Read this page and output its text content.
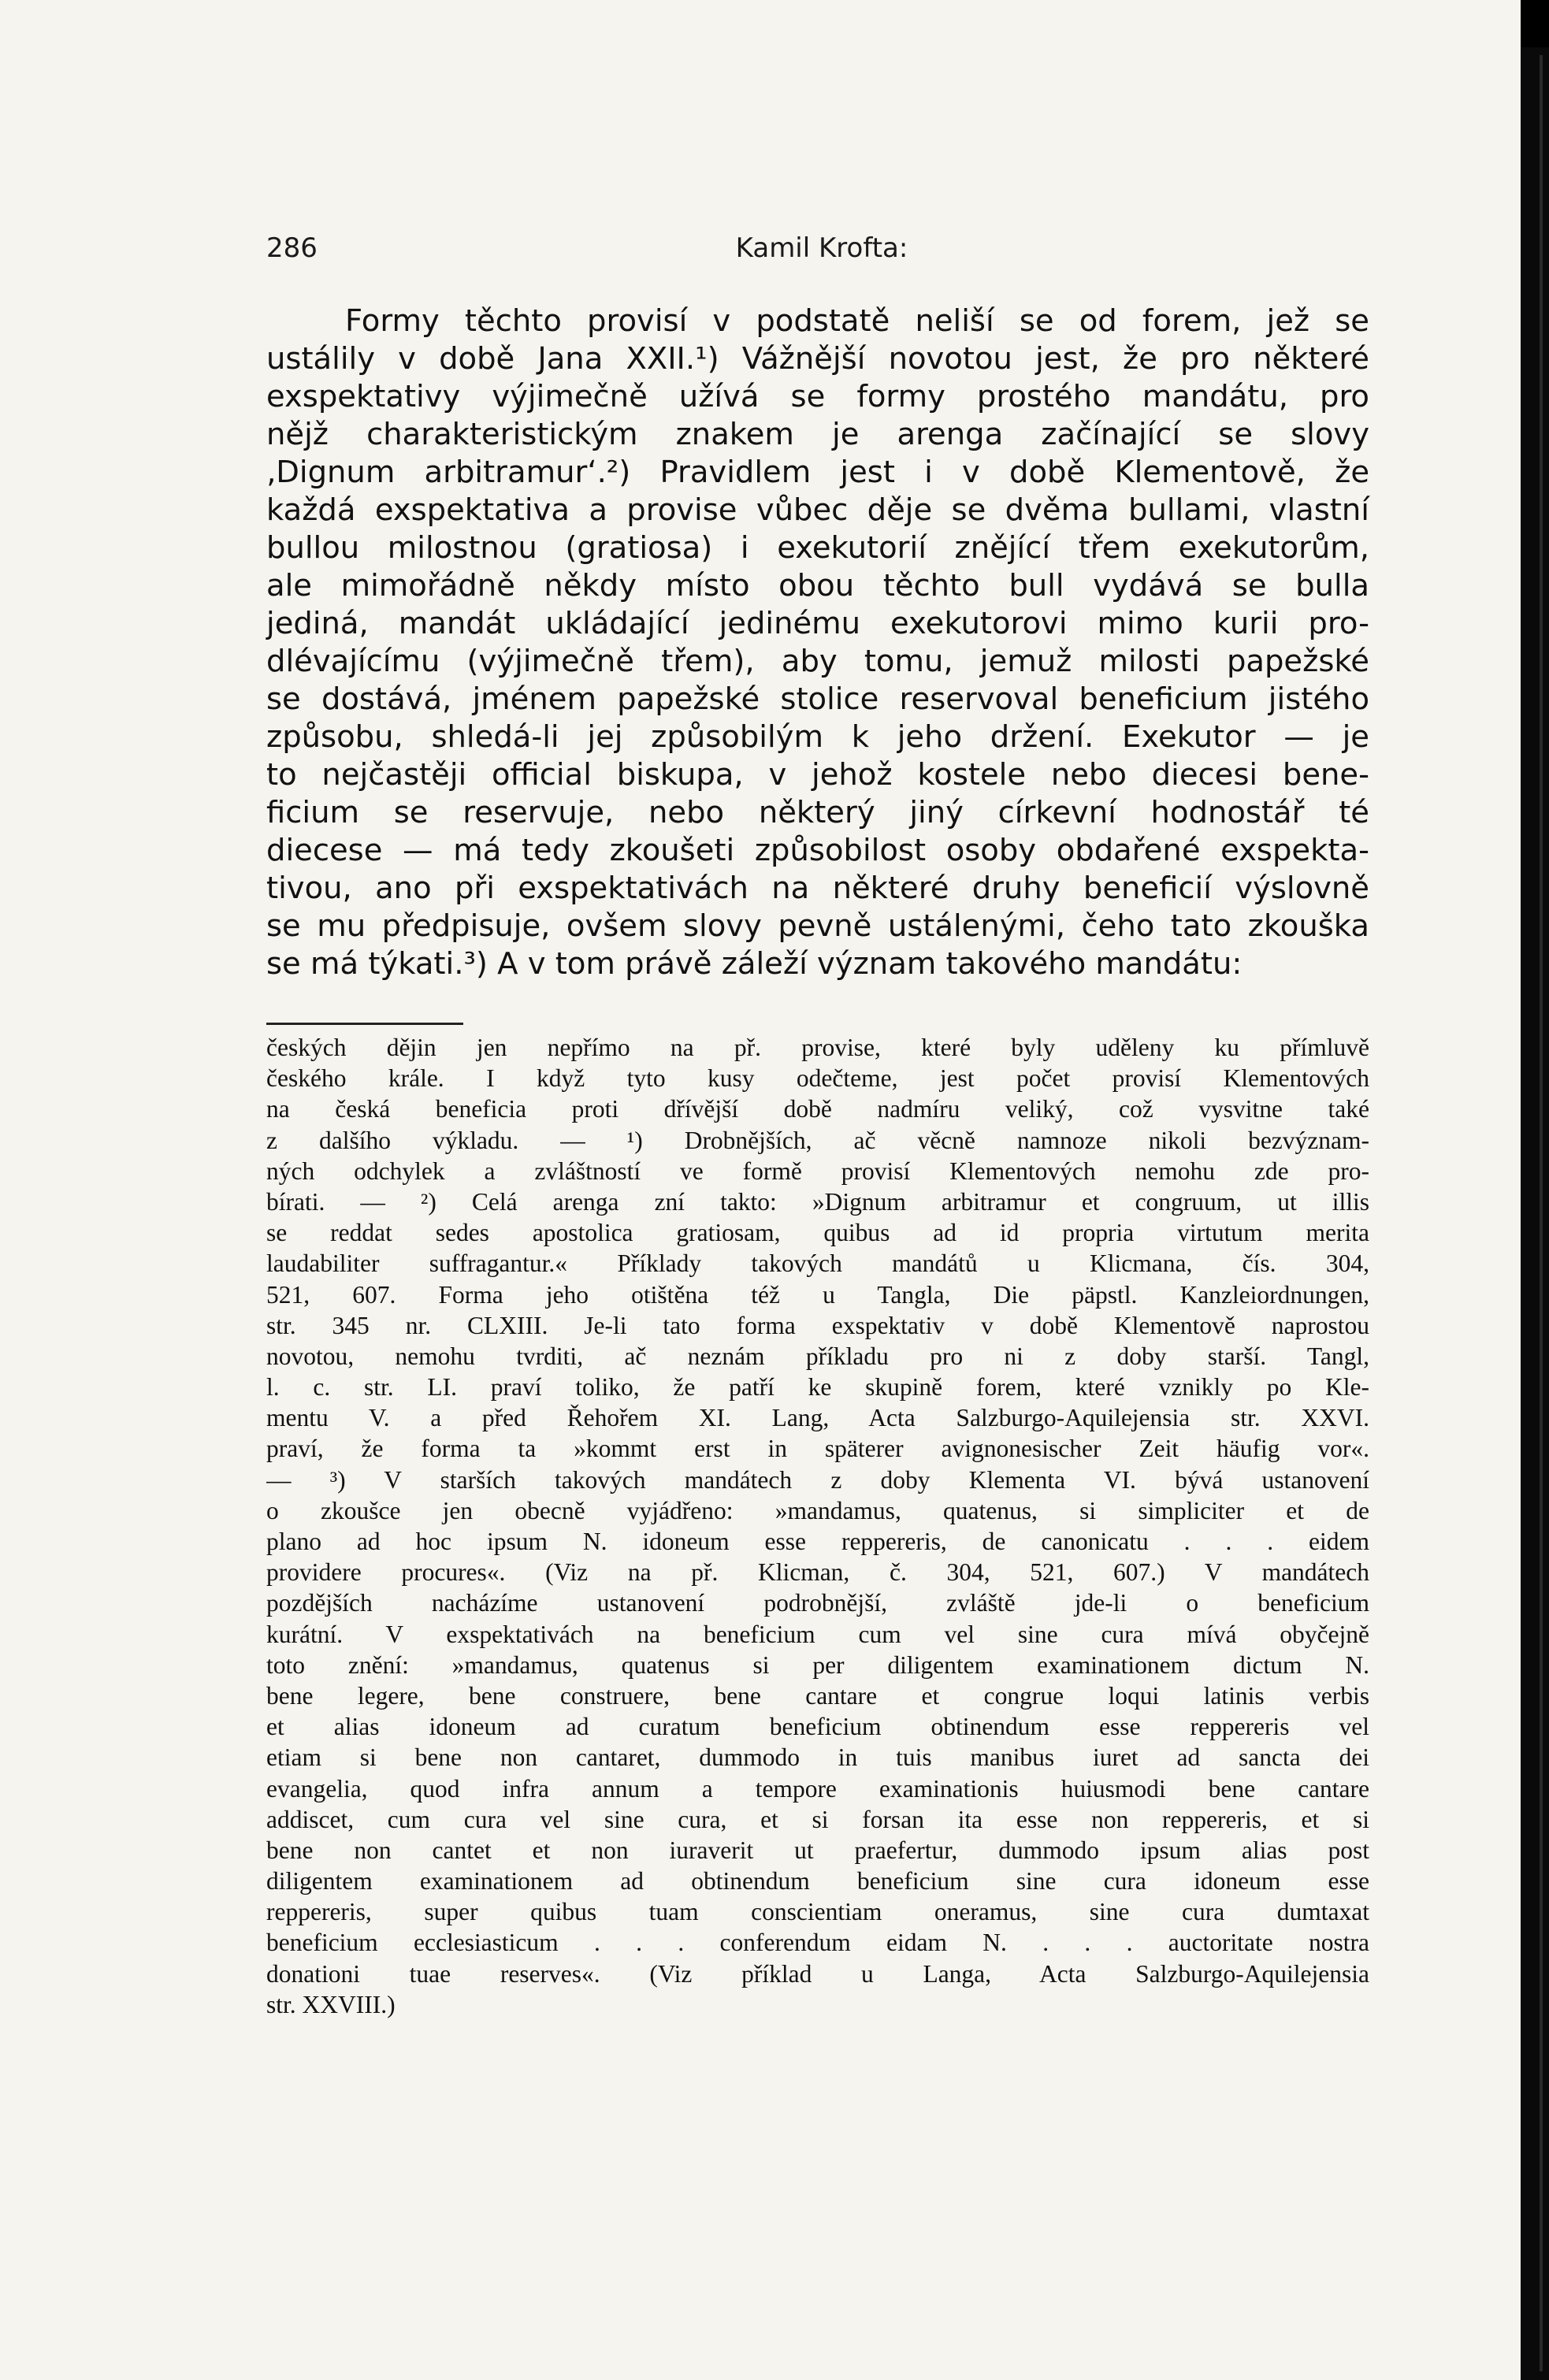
286	Kamil Krofta:
Formy těchto provisí v podstatě neliší se od forem, jež se
ustálily v době Jana XXII.¹) Vážnější novotou jest, že pro některé
exspektativy výjimečně užívá se formy prostého mandátu, pro
nějž charakteristickým znakem je arenga začínající se slovy
‚Dignum arbitramur‘.²) Pravidlem jest i v době Klementově, že
každá exspektativa a provise vůbec děje se dvěma bullami, vlastní
bullou milostnou (gratiosa) i exekutorií znějící třem exekutorům,
ale mimořádně někdy místo obou těchto bull vydává se bulla
jediná, mandát ukládající jedinému exekutorovi mimo kurii pro-
dlévajícímu (výjimečně třem), aby tomu, jemuž milosti papežské
se dostává, jménem papežské stolice reservoval beneficium jistého
způsobu, shledá-li jej způsobilým k jeho držení. Exekutor — je
to nejčastěji official biskupa, v jehož kostele nebo diecesi bene-
ficium se reservuje, nebo některý jiný církevní hodnostář té
diecese — má tedy zkoušeti způsobilost osoby obdařené exspekta-
tivou, ano při exspektativách na některé druhy beneficií výslovně
se mu předpisuje, ovšem slovy pevně ustálenými, čeho tato zkouška
se má týkati.³) A v tom právě záleží význam takového mandátu:
českých dějin jen nepřímo na př. provise, které byly uděleny ku přímluvě
českého krále. I když tyto kusy odečteme, jest počet provisí Klementových
na česká beneficia proti dřívější době nadmíru veliký, což vysvitne také
z dalšího výkladu. — ¹) Drobnějších, ač věcně namnoze nikoli bezvýznam-
ných odchylek a zvláštností ve formě provisí Klementových nemohu zde pro-
bírati. — ²) Celá arenga zní takto: »Dignum arbitramur et congruum, ut illis
se reddat sedes apostolica gratiosam, quibus ad id propria virtutum merita
laudabiliter suffragantur.« Příklady takových mandátů u Klicmana, čís. 304,
521, 607. Forma jeho otištěna též u Tangla, Die päpstl. Kanzleiordnungen,
str. 345 nr. CLXIII. Je-li tato forma exspektativ v době Klementově naprostou
novotou, nemohu tvrditi, ač neznám příkladu pro ni z doby starší. Tangl,
l. c. str. LI. praví toliko, že patří ke skupině forem, které vznikly po Kle-
mentu V. a před Řehořem XI. Lang, Acta Salzburgo-Aquilejensia str. XXVI.
praví, že forma ta »kommt erst in späterer avignonesischer Zeit häufig vor«.
— ³) V starších takových mandátech z doby Klementa VI. bývá ustanovení
o zkoušce jen obecně vyjádřeno: »mandamus, quatenus, si simpliciter et de
plano ad hoc ipsum N. idoneum esse reppereris, de canonicatu . . . eidem
providere procures«. (Viz na př. Klicman, č. 304, 521, 607.) V mandátech
pozdějších nacházíme ustanovení podrobnější, zvláště jde-li o beneficium
kurátní. V exspektativách na beneficium cum vel sine cura mívá obyčejně
toto znění: »mandamus, quatenus si per diligentem examinationem dictum N.
bene legere, bene construere, bene cantare et congrue loqui latinis verbis
et alias idoneum ad curatum beneficium obtinendum esse reppereris vel
etiam si bene non cantaret, dummodo in tuis manibus iuret ad sancta dei
evangelia, quod infra annum a tempore examinationis huiusmodi bene cantare
addiscet, cum cura vel sine cura, et si forsan ita esse non reppereris, et si
bene non cantet et non iuraverit ut praefertur, dummodo ipsum alias post
diligentem examinationem ad obtinendum beneficium sine cura idoneum esse
reppereris, super quibus tuam conscientiam oneramus, sine cura dumtaxat
beneficium ecclesiasticum . . . conferendum eidam N. . . . auctoritate nostra
donationi tuae reserves«. (Viz příklad u Langa, Acta Salzburgo-Aquilejensia
str. XXVIII.)
